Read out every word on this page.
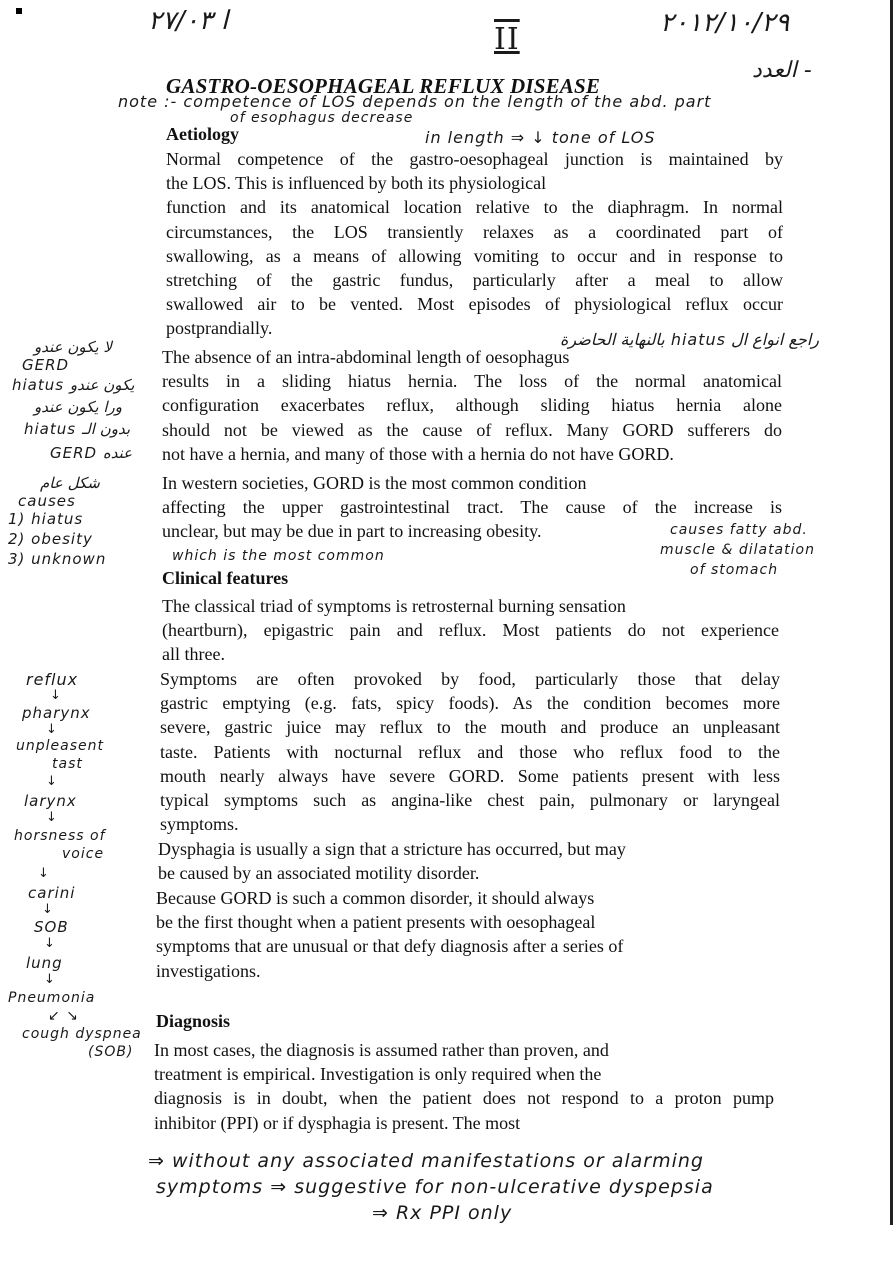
ا ٢٧/٠٣
II	٢٠١٢/١٠/٢٩
العدد -
GASTRO-OESOPHAGEAL REFLUX DISEASE
note :- competence of LOS depends on the length of the abd. part
of esophagus decrease
in length ⇒ ↓ tone of LOS
Aetiology
Normal competence of the gastro-oesophageal junction is maintained by
the LOS. This is influenced by both its physiological
function and its anatomical location relative to the diaphragm. In normal
circumstances, the LOS transiently relaxes as a coordinated part of
swallowing, as a means of allowing vomiting to occur and in response to
stretching of the gastric fundus, particularly after a meal to allow
swallowed air to be vented. Most episodes of physiological reflux occur
postprandially.
راجع انواع ال hiatus بالنهاية الحاضرة
The absence of an intra-abdominal length of oesophagus
results in a sliding hiatus hernia. The loss of the normal anatomical
configuration exacerbates reflux, although sliding hiatus hernia alone
should not be viewed as the cause of reflux. Many GORD sufferers do
not have a hernia, and many of those with a hernia do not have GORD.
لا يكون عندو
GERD
hiatus يكون عندو
ورا يكون عندو
hiatus بدون الـ
GERD عنده
In western societies, GORD is the most common condition
affecting the upper gastrointestinal tract. The cause of the increase is
unclear, but may be due in part to increasing obesity.
شكل عام
causes
1) hiatus
2) obesity
3) unknown	which is the most common
causes fatty abd.
muscle & dilatation
of stomach
Clinical features
The classical triad of symptoms is retrosternal burning sensation
(heartburn), epigastric pain and reflux. Most patients do not experience
all three.
Symptoms are often provoked by food, particularly those that delay
gastric emptying (e.g. fats, spicy foods). As the condition becomes more
severe, gastric juice may reflux to the mouth and produce an unpleasant
taste. Patients with nocturnal reflux and those who reflux food to the
mouth nearly always have severe GORD. Some patients present with less
typical symptoms such as angina-like chest pain, pulmonary or laryngeal
symptoms.
Dysphagia is usually a sign that a stricture has occurred, but may
be caused by an associated motility disorder.
Because GORD is such a common disorder, it should always
be the first thought when a patient presents with oesophageal
symptoms that are unusual or that defy diagnosis after a series of
investigations.
reflux
↓
pharynx
↓
unpleasent
tast
↓
larynx
↓
horsness of
voice
↓
carini
↓
SOB
↓
lung
↓
Pneumonia
↙ ↘
cough dyspnea
(SOB)
Diagnosis
In most cases, the diagnosis is assumed rather than proven, and
treatment is empirical. Investigation is only required when the
diagnosis is in doubt, when the patient does not respond to a proton pump
inhibitor (PPI) or if dysphagia is present. The most
⇒ without any associated manifestations or alarming
symptoms ⇒ suggestive for non-ulcerative dyspepsia
⇒ Rx PPI only
